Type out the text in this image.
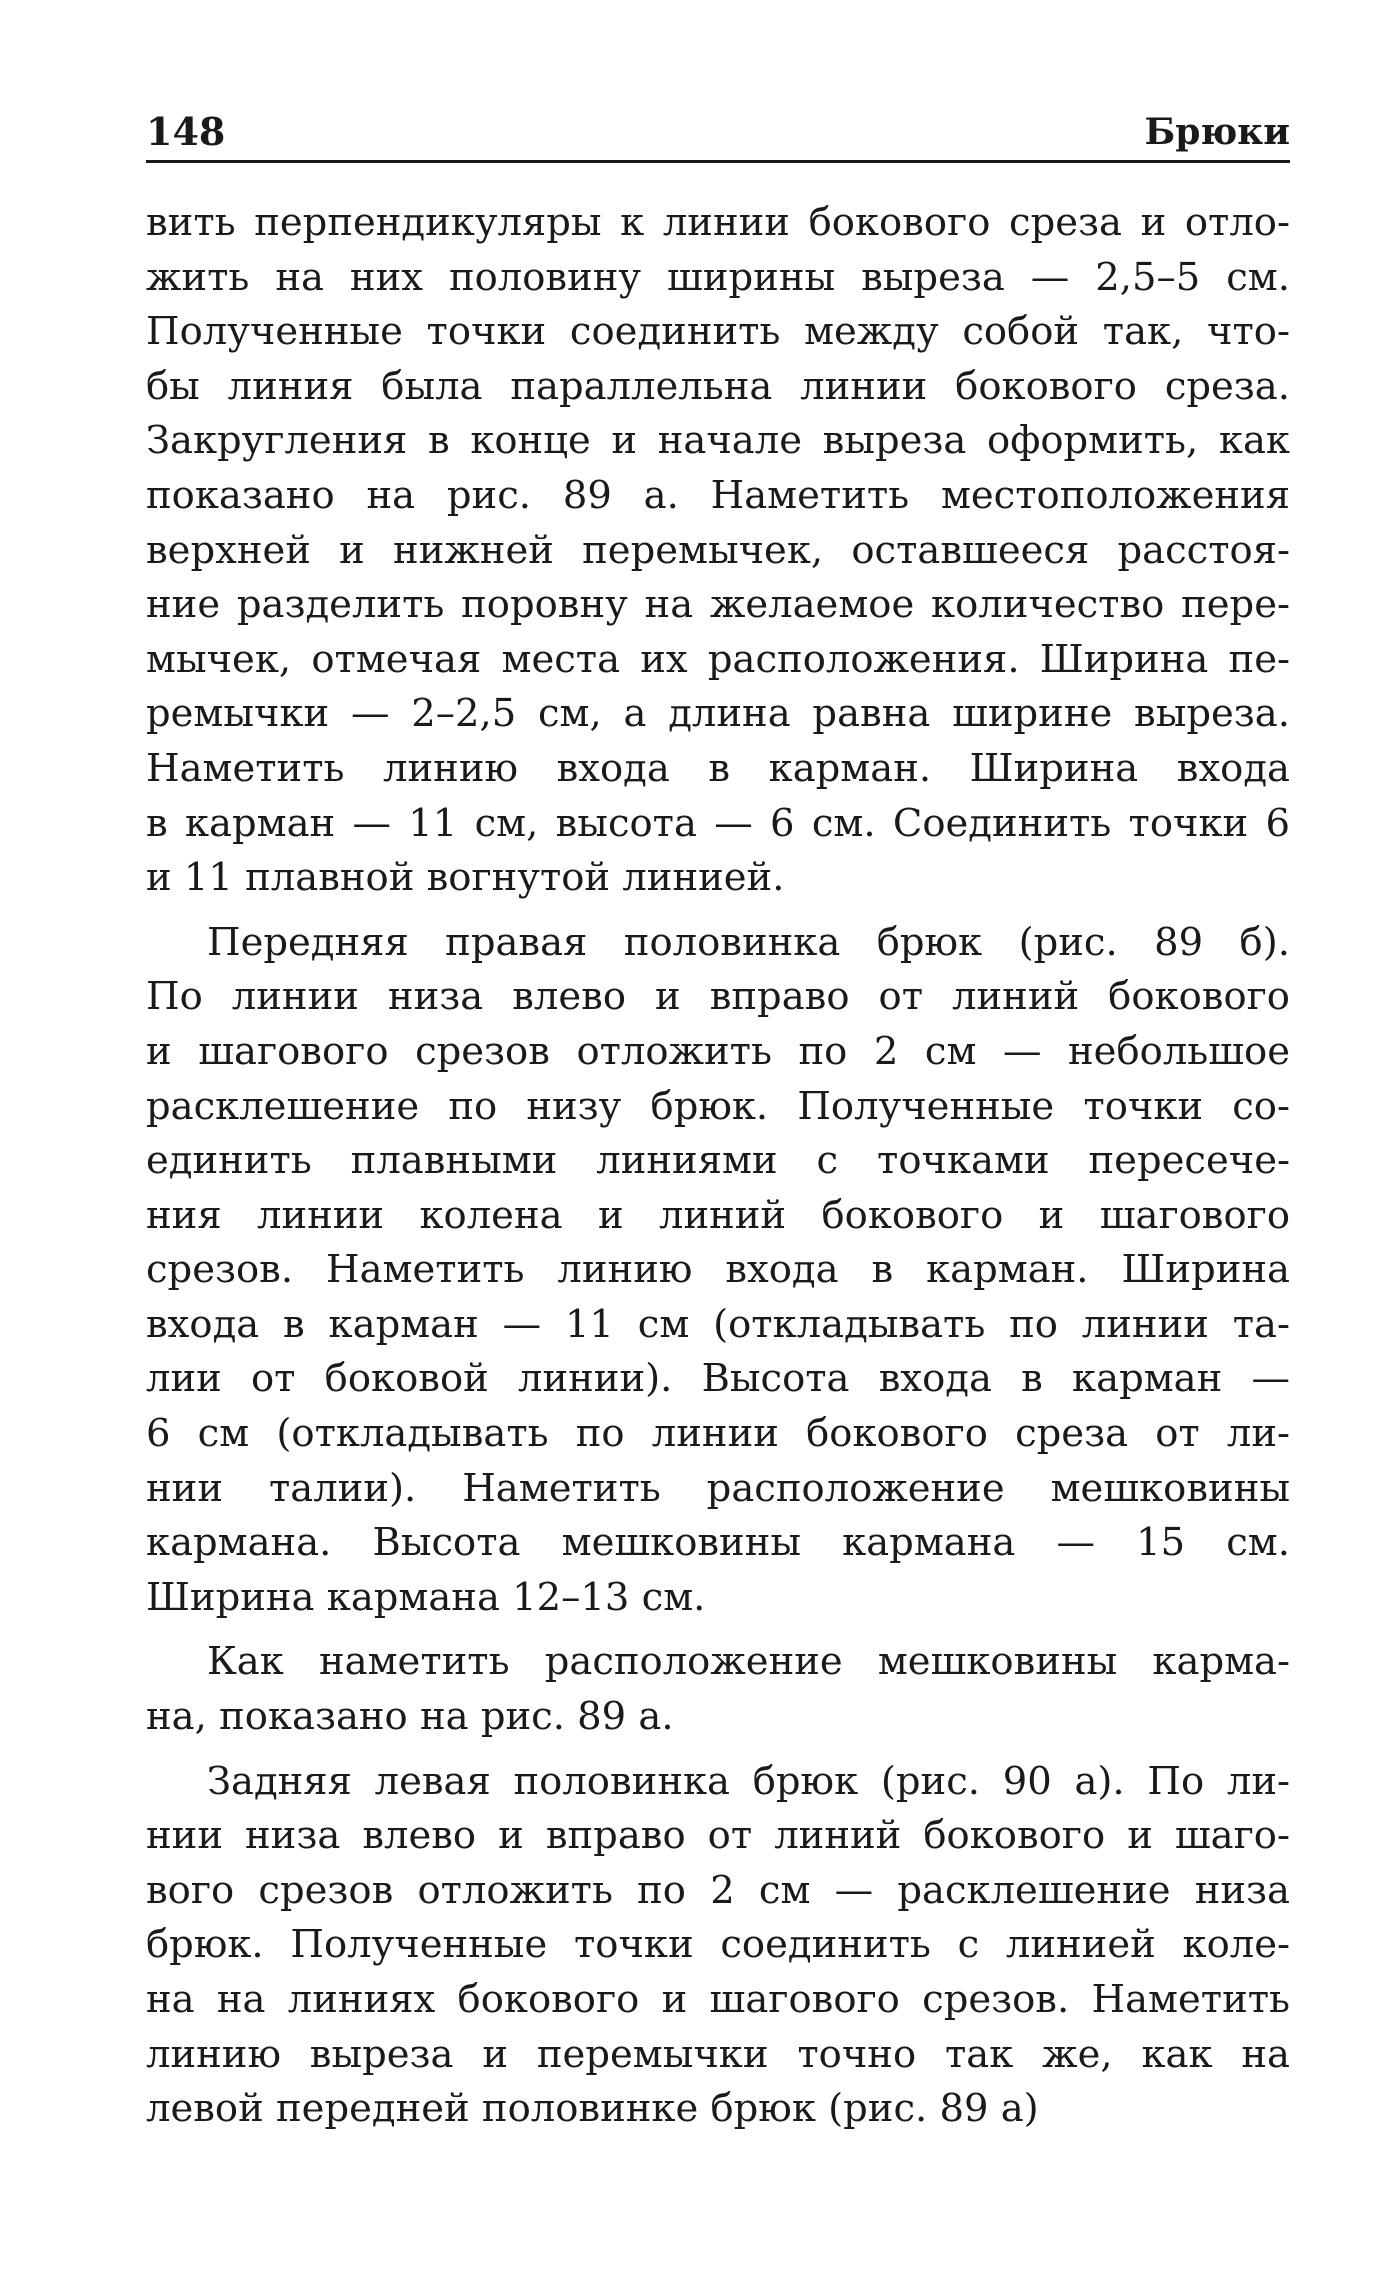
148	Брюки

вить перпендикуляры к линии бокового среза и отло-
жить на них половину ширины выреза — 2,5–5 см.
Полученные точки соединить между собой так, что-
бы линия была параллельна линии бокового среза.
Закругления в конце и начале выреза оформить, как
показано на рис. 89 а. Наметить местоположения
верхней и нижней перемычек, оставшееся расстоя-
ние разделить поровну на желаемое количество пере-
мычек, отмечая места их расположения. Ширина пе-
ремычки — 2–2,5 см, а длина равна ширине выреза.
Наметить линию входа в карман. Ширина входа
в карман — 11 см, высота — 6 см. Соединить точки 6
и 11 плавной вогнутой линией.

Передняя правая половинка брюк (рис. 89 б).
По линии низа влево и вправо от линий бокового
и шагового срезов отложить по 2 см — небольшое
расклешение по низу брюк. Полученные точки со-
единить плавными линиями с точками пересече-
ния линии колена и линий бокового и шагового
срезов. Наметить линию входа в карман. Ширина
входа в карман — 11 см (откладывать по линии та-
лии от боковой линии). Высота входа в карман —
6 см (откладывать по линии бокового среза от ли-
нии талии). Наметить расположение мешковины
кармана. Высота мешковины кармана — 15 см.
Ширина кармана 12–13 см.

Как наметить расположение мешковины карма-
на, показано на рис. 89 а.

Задняя левая половинка брюк (рис. 90 а). По ли-
нии низа влево и вправо от линий бокового и шаго-
вого срезов отложить по 2 см — расклешение низа
брюк. Полученные точки соединить с линией коле-
на на линиях бокового и шагового срезов. Наметить
линию выреза и перемычки точно так же, как на
левой передней половинке брюк (рис. 89 а)
